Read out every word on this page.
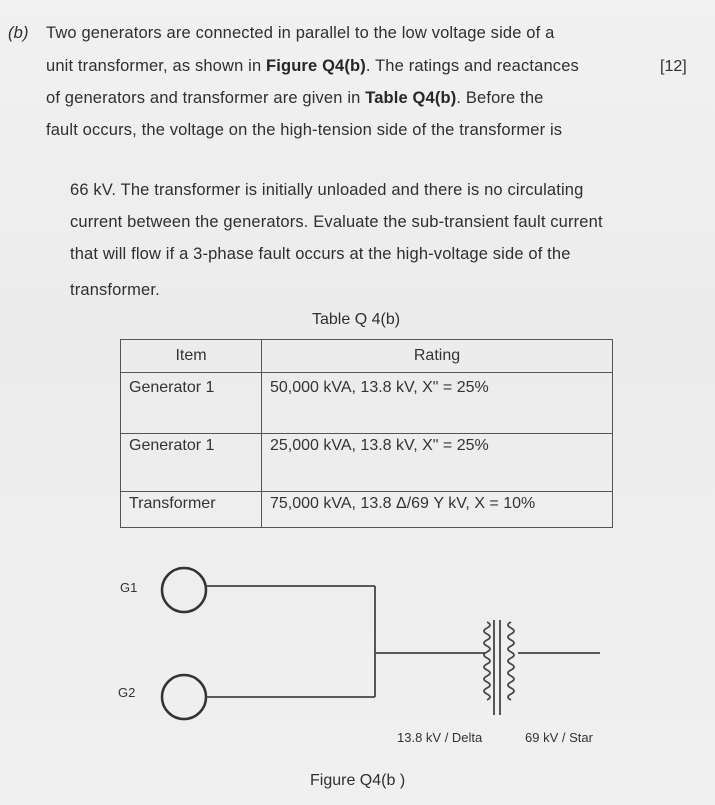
(b) Two generators are connected in parallel to the low voltage side of a
unit transformer, as shown in Figure Q4(b). The ratings and reactances	[12]
of generators and transformer are given in Table Q4(b). Before the
fault occurs, the voltage on the high-tension side of the transformer is
66 kV. The transformer is initially unloaded and there is no circulating
current between the generators. Evaluate the sub-transient fault current
that will flow if a 3-phase fault occurs at the high-voltage side of the
transformer.
Table Q 4(b)
Item	Rating
Generator 1	50,000 kVA, 13.8 kV, Xʺ = 25%
Generator 1	25,000 kVA, 13.8 kV, Xʺ = 25%
Transformer	75,000 kVA, 13.8 Δ/69 Y kV, X = 10%
G1
G2
13.8 kV / Delta	69 kV / Star
Figure Q4(b )
